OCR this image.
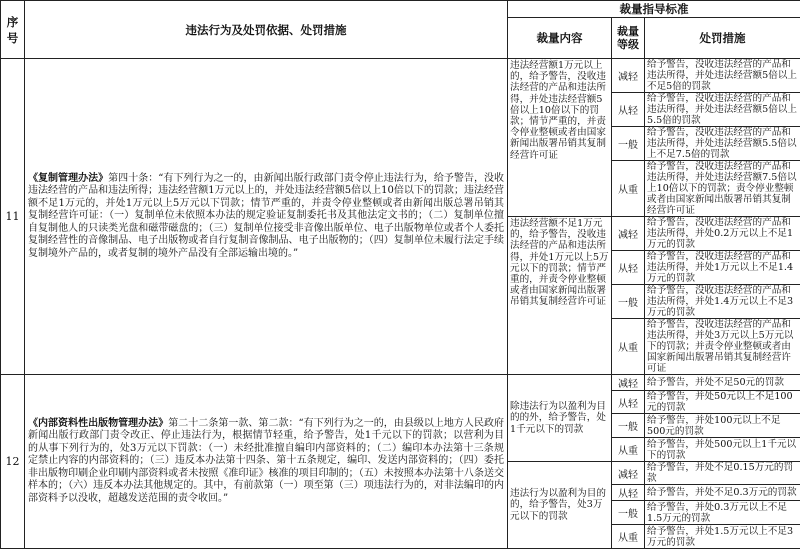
序号	违法行为及处罚依据、处罚措施	裁量指导标准		
		裁量内容	裁量等级	处罚措施
11	《复制管理办法》第四十条：“有下列行为之一的，由新闻出版行政部门责令停止违法行为，给予警告，没收违法经营的产品和违法所得；违法经营额1万元以上的，并处违法经营额5倍以上10倍以下的罚款；违法经营额不足1万元的，并处1万元以上5万元以下罚款；情节严重的，并责令停业整顿或者由新闻出版总署吊销其复制经营许可证：（一）复制单位未依照本办法的规定验证复制委托书及其他法定文书的；（二）复制单位擅自复制他人的只读类光盘和磁带磁盘的；（三）复制单位接受非音像出版单位、电子出版物单位或者个人委托复制经营性的音像制品、电子出版物或者自行复制音像制品、电子出版物的；（四）复制单位未履行法定手续复制境外产品的，或者复制的境外产品没有全部运输出境的。”	违法经营额1万元以上的，给予警告，没收违法经营的产品和违法所得，并处违法经营额5倍以上10倍以下的罚款；情节严重的，并责令停业整顿或者由国家新闻出版署吊销其复制经营许可证	减轻	给予警告，没收违法经营的产品和违法所得，并处违法经营额5倍以上不足5倍的罚款
			从轻	给予警告，没收违法经营的产品和违法所得，并处违法经营额5倍以上5.5倍的罚款
			一般	给予警告，没收违法经营的产品和违法所得，并处违法经营额5.5倍以上不足7.5倍的罚款
			从重	给予警告，没收违法经营的产品和违法所得，并处违法经营额7.5倍以上10倍以下的罚款；责令停业整顿或者由国家新闻出版署吊销其复制经营许可证
		违法经营额不足1万元的，给予警告，没收违法经营的产品和违法所得，并处1万元以上5万元以下的罚款；情节严重的，并责令停业整顿或者由国家新闻出版署吊销其复制经营许可证	减轻	给予警告，没收违法经营的产品和违法所得，并处0.2万元以上不足1万元的罚款
			从轻	给予警告，没收违法经营的产品和违法所得，并处1万元以上不足1.4万元的罚款
			一般	给予警告，没收违法经营的产品和违法所得，并处1.4万元以上不足3万元的罚款
			从重	给予警告，没收违法经营的产品和违法所得，并处3万元以上5万元以下的罚款；并责令停业整顿或者由国家新闻出版署吊销其复制经营许可证
12	《内部资料性出版物管理办法》第二十二条第一款、第二款：“有下列行为之一的，由县级以上地方人民政府新闻出版行政部门责令改正、停止违法行为，根据情节轻重，给予警告，处1千元以下的罚款；以营利为目的从事下列行为的，处3万元以下罚款：（一）未经批准擅自编印内部资料的；（二）编印本办法第十三条规定禁止内容的内部资料的；（三）违反本办法第十四条、第十五条规定，编印、发送内部资料的；（四）委托非出版物印刷企业印刷内部资料或者未按照《准印证》核准的项目印制的；（五）未按照本办法第十八条送交样本的；（六）违反本办法其他规定的。其中，有前款第（一）项至第（三）项违法行为的，对非法编印的内部资料予以没收，超越发送范围的责令收回。”	除违法行为以盈利为目的的外，给予警告，处1千元以下的罚款	减轻	给予警告，并处不足50元的罚款
			从轻	给予警告，并处50元以上不足100元的罚款
			一般	给予警告，并处100元以上不足500元的罚款
			从重	给予警告，并处500元以上1千元以下的罚款
		违法行为以盈利为目的的，给予警告，处3万元以下的罚款	减轻	给予警告，并处不足0.15万元的罚款
			从轻	给予警告，并处不足0.3万元的罚款
			一般	给予警告，并处0.3万元以上不足1.5万元的罚款
			从重	给予警告，并处1.5万元以上不足3万元的罚款
